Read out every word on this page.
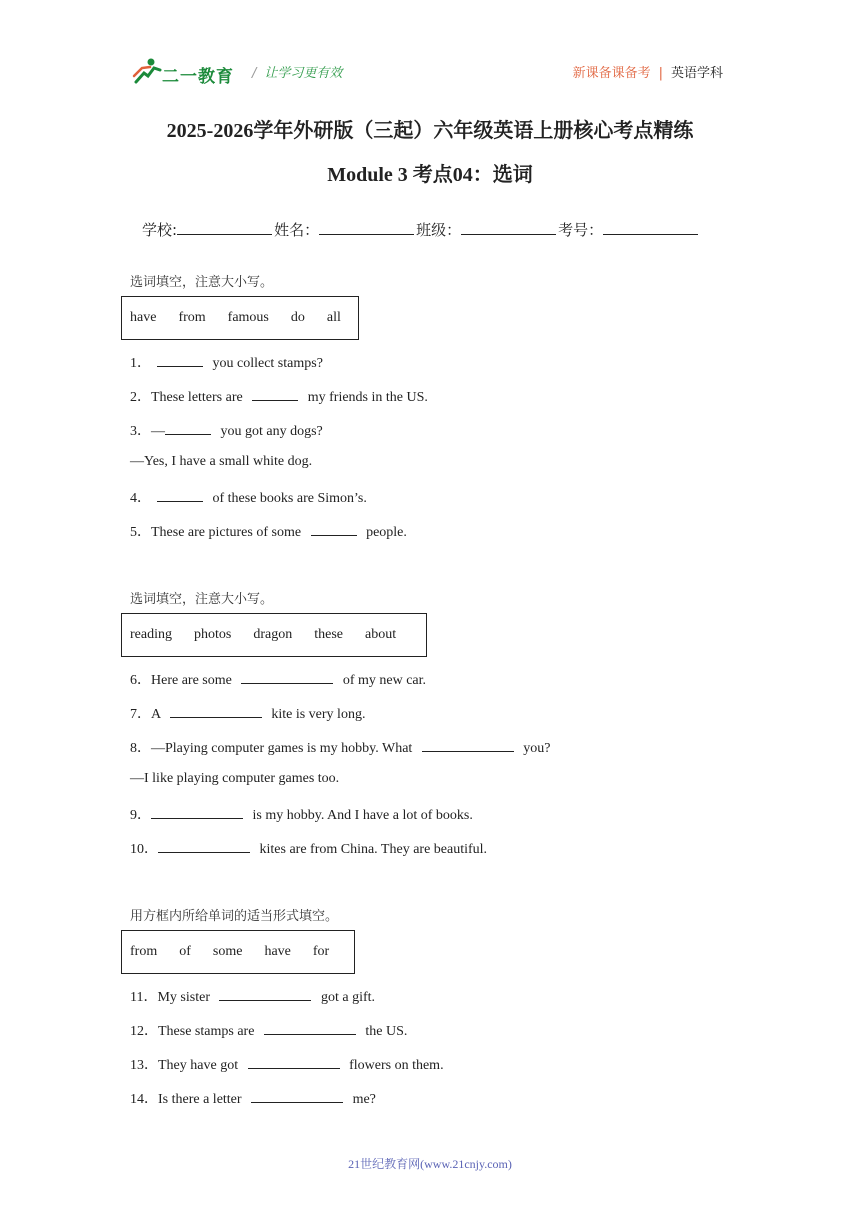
二一教育 / 让学习更有效	新课备课备考 | 英语学科
2025-2026学年外研版（三起）六年级英语上册核心考点精练
Module 3 考点04：选词
学校:	姓名：	班级：	考号：
选词填空，注意大小写。
have from famous do all
1．	you collect stamps?
2．These letters are	my friends in the US.
3．—	you got any dogs?
—Yes, I have a small white dog.
4．	of these books are Simon’s.
5．These are pictures of some	people.
选词填空，注意大小写。
reading photos dragon these about
6．Here are some	of my new car.
7．A	kite is very long.
8．—Playing computer games is my hobby. What	you?
—I like playing computer games too.
9．	is my hobby. And I have a lot of books.
10．	kites are from China. They are beautiful.
用方框内所给单词的适当形式填空。
from of some have for
11．My sister	got a gift.
12．These stamps are	the US.
13．They have got	flowers on them.
14．Is there a letter	me?
21世纪教育网(www.21cnjy.com)
